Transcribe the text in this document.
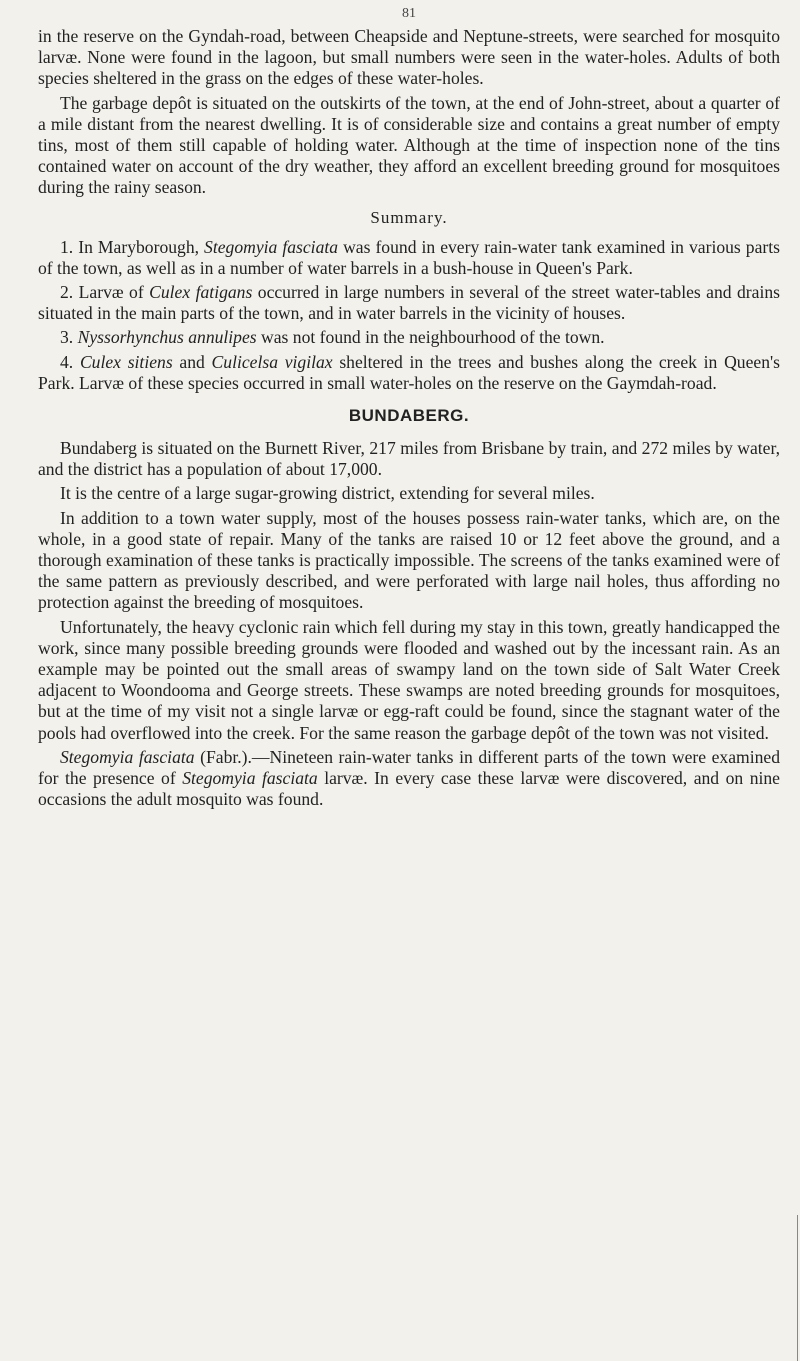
81

in the reserve on the Gyndah-road, between Cheapside and Neptune-streets, were searched for mosquito larvæ. None were found in the lagoon, but small numbers were seen in the water-holes. Adults of both species sheltered in the grass on the edges of these water-holes.

The garbage depôt is situated on the outskirts of the town, at the end of John-street, about a quarter of a mile distant from the nearest dwelling. It is of considerable size and contains a great number of empty tins, most of them still capable of holding water. Although at the time of inspection none of the tins contained water on account of the dry weather, they afford an excellent breeding ground for mosquitoes during the rainy season.

Summary.

1. In Maryborough, Stegomyia fasciata was found in every rain-water tank examined in various parts of the town, as well as in a number of water barrels in a bush-house in Queen's Park.

2. Larvæ of Culex fatigans occurred in large numbers in several of the street water-tables and drains situated in the main parts of the town, and in water barrels in the vicinity of houses.

3. Nyssorhynchus annulipes was not found in the neighbourhood of the town.

4. Culex sitiens and Culicelsa vigilax sheltered in the trees and bushes along the creek in Queen's Park. Larvæ of these species occurred in small water-holes on the reserve on the Gaymdah-road.

BUNDABERG.

Bundaberg is situated on the Burnett River, 217 miles from Brisbane by train, and 272 miles by water, and the district has a population of about 17,000.

It is the centre of a large sugar-growing district, extending for several miles.

In addition to a town water supply, most of the houses possess rain-water tanks, which are, on the whole, in a good state of repair. Many of the tanks are raised 10 or 12 feet above the ground, and a thorough examination of these tanks is practically impossible. The screens of the tanks examined were of the same pattern as previously described, and were perforated with large nail holes, thus affording no protection against the breeding of mosquitoes.

Unfortunately, the heavy cyclonic rain which fell during my stay in this town, greatly handicapped the work, since many possible breeding grounds were flooded and washed out by the incessant rain. As an example may be pointed out the small areas of swampy land on the town side of Salt Water Creek adjacent to Woondooma and George streets. These swamps are noted breeding grounds for mosquitoes, but at the time of my visit not a single larvæ or egg-raft could be found, since the stagnant water of the pools had overflowed into the creek. For the same reason the garbage depôt of the town was not visited.

Stegomyia fasciata (Fabr.).—Nineteen rain-water tanks in different parts of the town were examined for the presence of Stegomyia fasciata larvæ. In every case these larvæ were discovered, and on nine occasions the adult mosquito was found.
